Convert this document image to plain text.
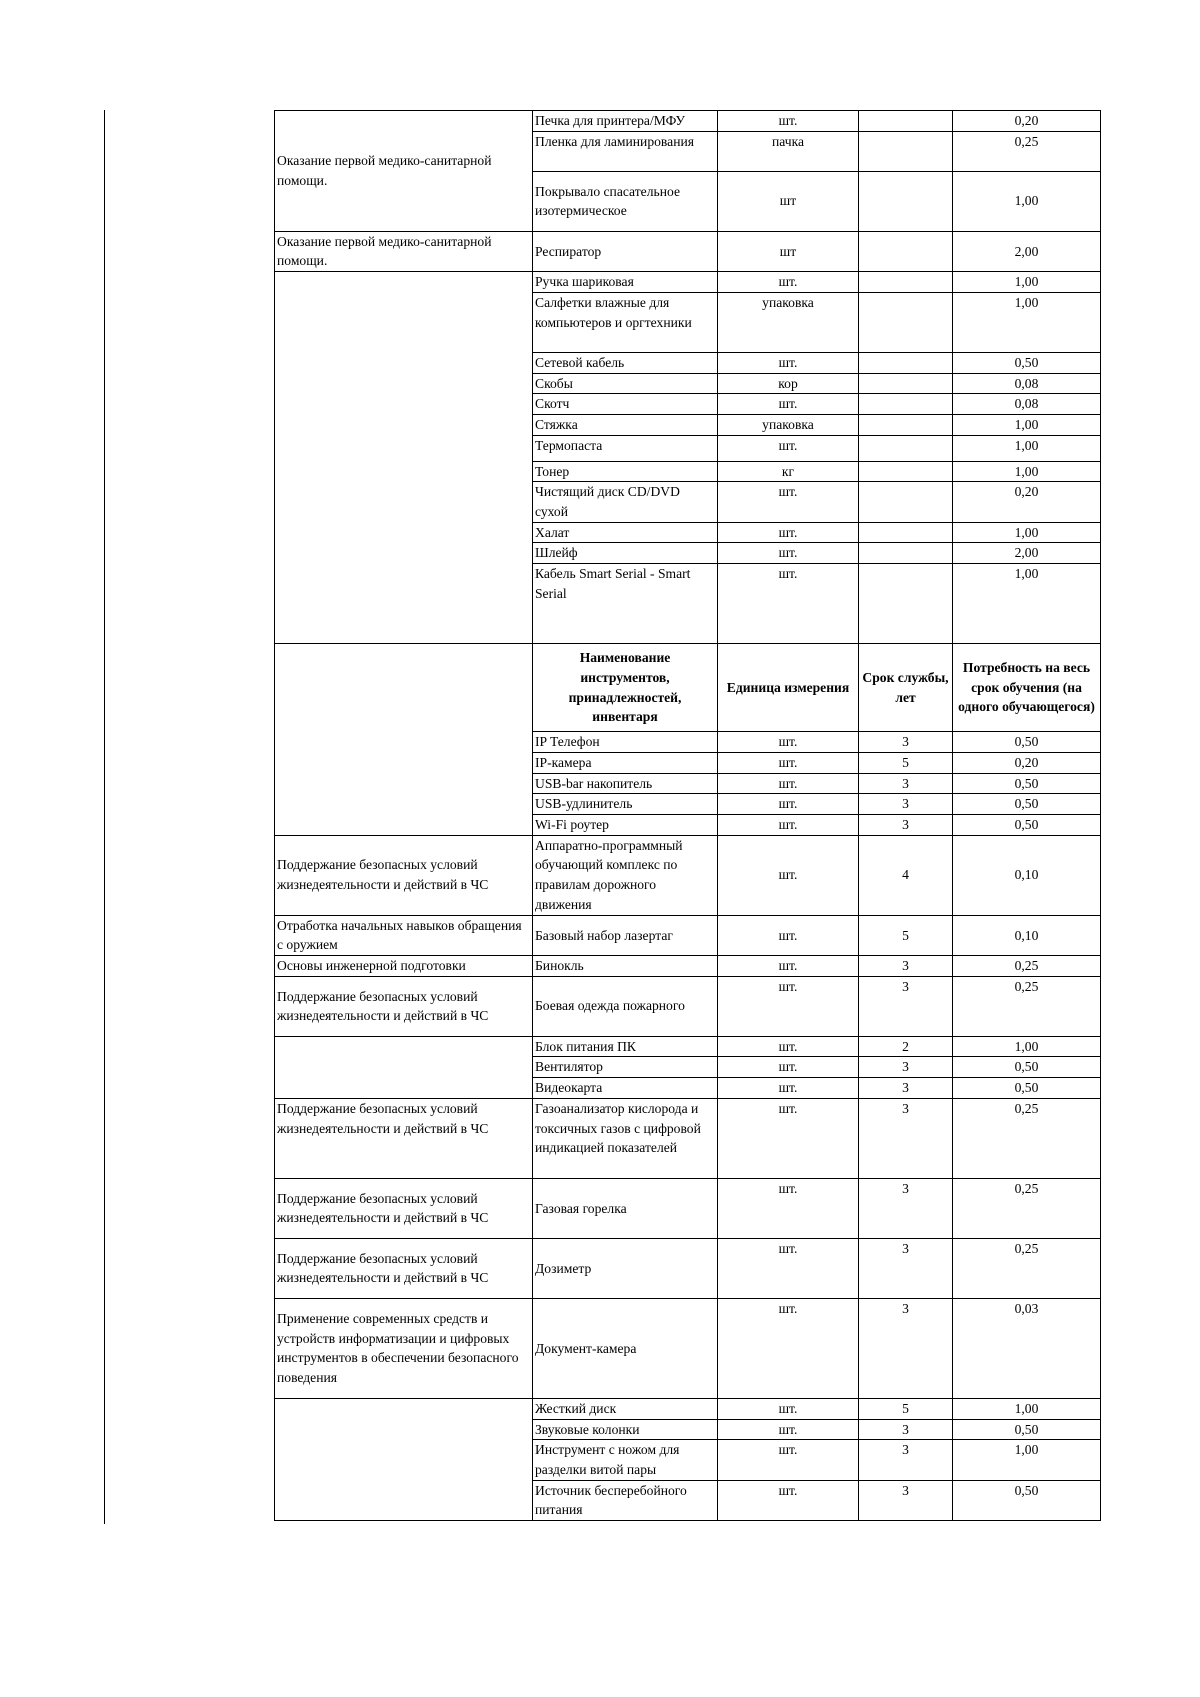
Оказание первой медико-санитарной помощи.	Печка для принтера/МФУ	шт.		0,20
	Пленка для ламинирования	пачка		0,25
	Покрывало спасательное изотермическое	шт		1,00
Оказание первой медико-санитарной помощи.	Респиратор	шт		2,00
	Ручка шариковая	шт.		1,00
	Салфетки влажные для компьютеров и оргтехники	упаковка		1,00
	Сетевой кабель	шт.		0,50
	Скобы	кор		0,08
	Скотч	шт.		0,08
	Стяжка	упаковка		1,00
	Термопаста	шт.		1,00
	Тонер	кг		1,00
	Чистящий диск CD/DVD сухой	шт.		0,20
	Халат	шт.		1,00
	Шлейф	шт.		2,00
	Кабель Smart Serial - Smart Serial	шт.		1,00
	Наименование инструментов, принадлежностей, инвентаря	Единица измерения	Срок службы, лет	Потребность на весь срок обучения (на одного обучающегося)
	IP Телефон	шт.	3	0,50
	IP-камера	шт.	5	0,20
	USB-bar накопитель	шт.	3	0,50
	USB-удлинитель	шт.	3	0,50
	Wi-Fi роутер	шт.	3	0,50
Поддержание безопасных условий жизнедеятельности и действий в ЧС	Аппаратно-программный обучающий комплекс по правилам дорожного движения	шт.	4	0,10
Отработка начальных навыков обращения с оружием	Базовый набор лазертаг	шт.	5	0,10
Основы инженерной подготовки	Бинокль	шт.	3	0,25
Поддержание безопасных условий жизнедеятельности и действий в ЧС	Боевая одежда пожарного	шт.	3	0,25
	Блок питания ПК	шт.	2	1,00
	Вентилятор	шт.	3	0,50
	Видеокарта	шт.	3	0,50
Поддержание безопасных условий жизнедеятельности и действий в ЧС	Газоанализатор кислорода и токсичных газов с цифровой индикацией показателей	шт.	3	0,25
Поддержание безопасных условий жизнедеятельности и действий в ЧС	Газовая горелка	шт.	3	0,25
Поддержание безопасных условий жизнедеятельности и действий в ЧС	Дозиметр	шт.	3	0,25
Применение современных средств и устройств информатизации и цифровых инструментов в обеспечении безопасного поведения	Документ-камера	шт.	3	0,03
	Жесткий диск	шт.	5	1,00
	Звуковые колонки	шт.	3	0,50
	Инструмент с ножом для разделки витой пары	шт.	3	1,00
	Источник бесперебойного питания	шт.	3	0,50
